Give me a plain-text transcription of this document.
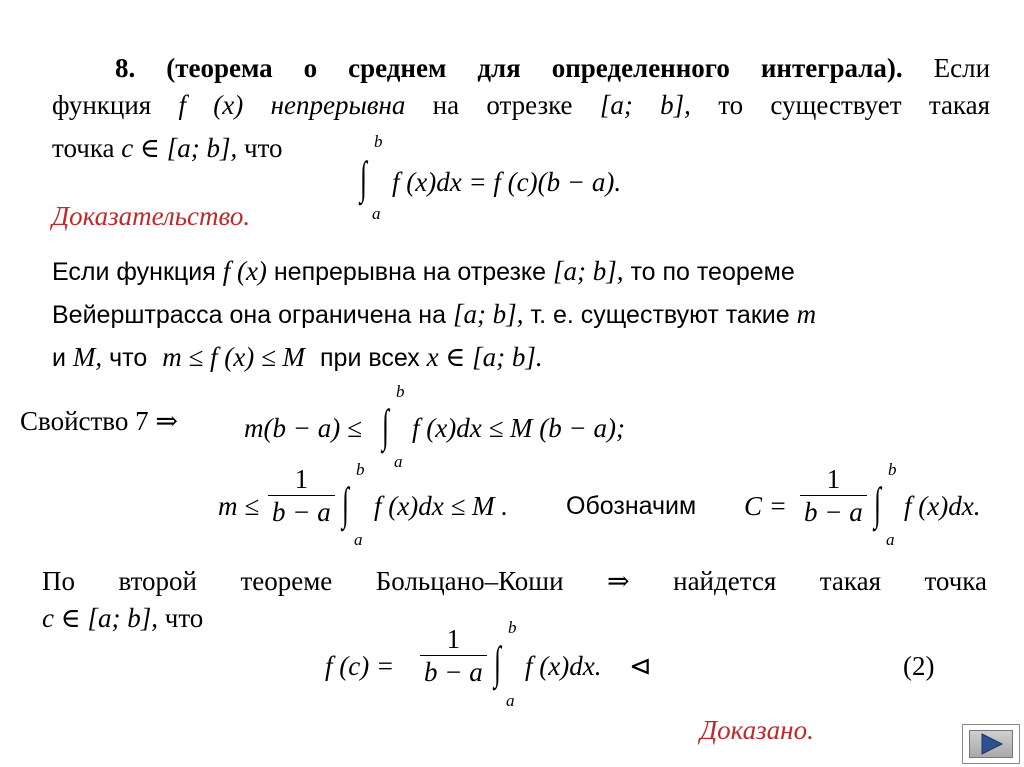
8. (теорема о среднем для определенного интеграла). Если
функция f (x) непрерывна на отрезке [a; b], то существует такая
точка c ∈ [a; b], что	b
∫
a
f (x)dx = f (c)(b − a).
Доказательство.
Если функция f (x) непрерывна на отрезке [a; b], то по теореме
Вейерштрасса она ограничена на [a; b], т. е. существуют такие m
и M, что m ≤ f (x) ≤ M при всех x ∈ [a; b].
Свойство 7 ⇒ m(b − a) ≤
b
∫
a
f (x)dx ≤ M (b − a);
$m \le \frac{1}{b - a}$ b
∫
a
f (x)dx ≤ M . Обозначим $C = \frac{1}{b - a}$ b
∫
a
f (x)dx.
По второй теореме Больцано–Коши ⇒ найдется такая точка
c ∈ [a; b], что
f $(c) = \frac{1}{b - a}$ b
∫
a
f (x)dx. ⊲	(2)
Доказано.
